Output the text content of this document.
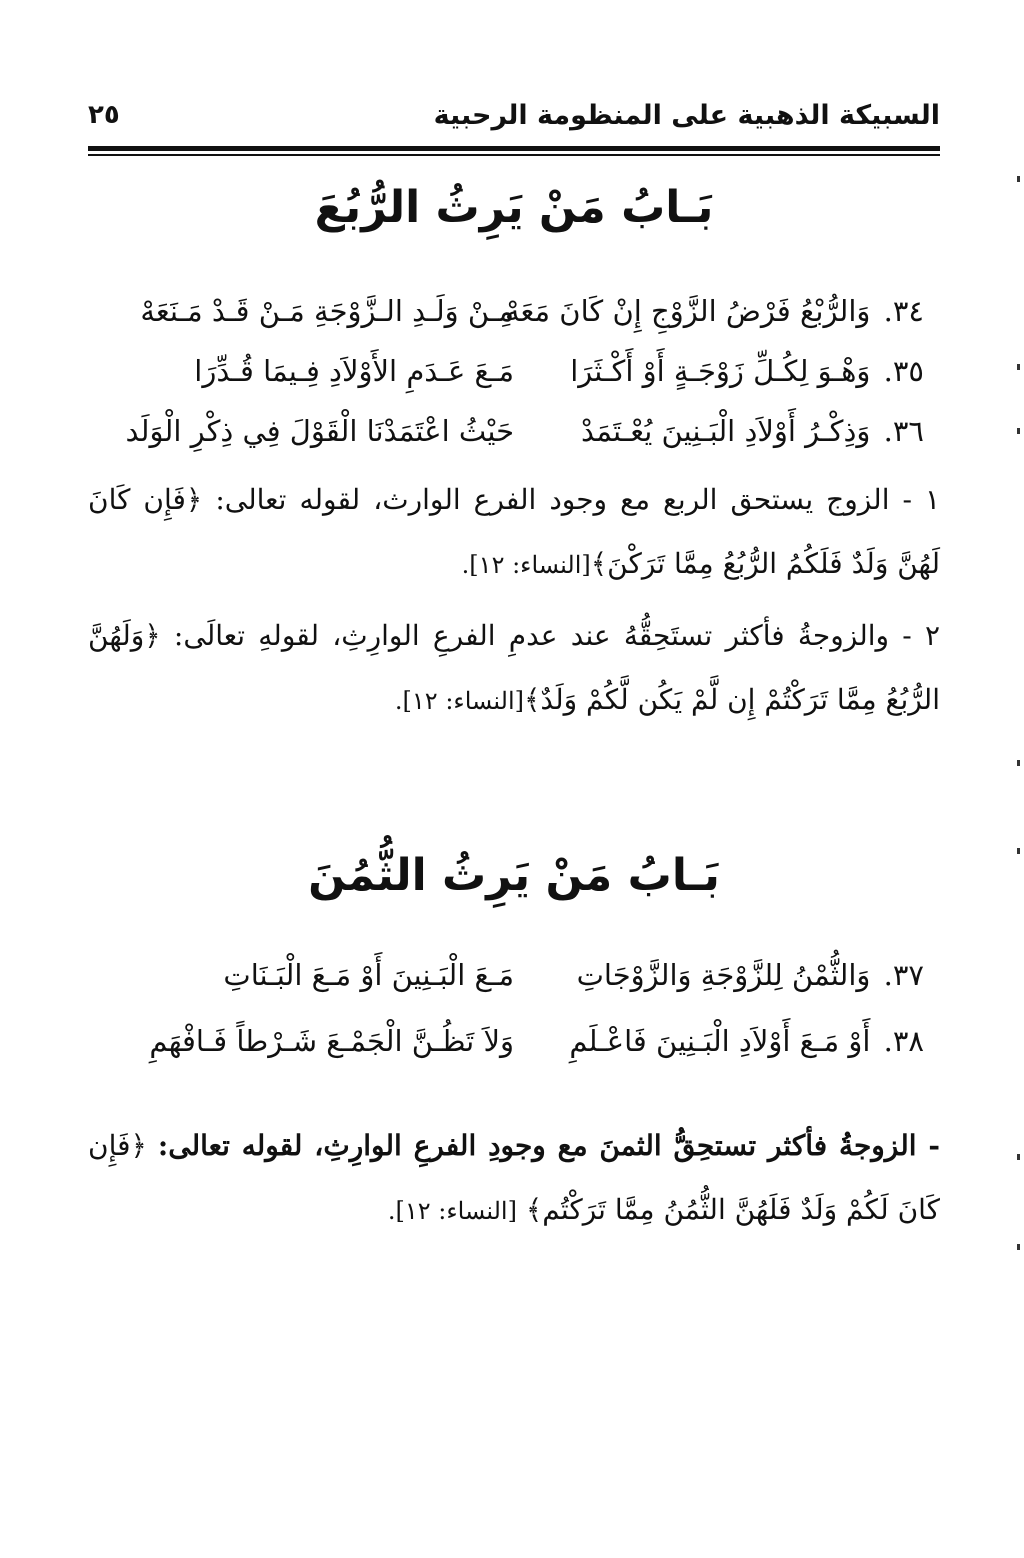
السبيكة الذهبية على المنظومة الرحبية
٢٥
بَـابُ مَنْ يَرِثُ الرُّبُعَ
٣٤. وَالرُّبْعُ فَرْضُ الزَّوْجِ إِنْ كَانَ مَعَهْ
مِـنْ وَلَـدِ الـزَّوْجَةِ مَـنْ قَـدْ مَـنَعَهْ
٣٥. وَهْـوَ لِكُـلِّ زَوْجَـةٍ أَوْ أَكْـثَرَا
مَـعَ عَـدَمِ الأَوْلاَدِ فِـيمَا قُـدِّرَا
٣٦. وَذِكْـرُ أَوْلاَدِ الْبَـنِينَ يُعْـتَمَدْ
حَيْثُ اعْتَمَدْنَا الْقَوْلَ فِي ذِكْرِ الْوَلَد
١ - الزوج يستحق الربع مع وجود الفرع الوارث، لقوله تعالى: ﴿فَإِن كَانَ لَهُنَّ وَلَدٌ فَلَكُمُ الرُّبُعُ مِمَّا تَرَكْنَ﴾[النساء: ١٢].
٢ - والزوجةُ فأكثر تستَحِقُّهُ عند عدمِ الفرعِ الوارِثِ، لقولهِ تعالَى: ﴿وَلَهُنَّ الرُّبُعُ مِمَّا تَرَكْتُمْ إِن لَّمْ يَكُن لَّكُمْ وَلَدٌ﴾[النساء: ١٢].
بَـابُ مَنْ يَرِثُ الثُّمُنَ
٣٧. وَالثُّمْنُ لِلزَّوْجَةِ وَالزَّوْجَاتِ
مَـعَ الْبَـنِينَ أَوْ مَـعَ الْبَـنَاتِ
٣٨. أَوْ مَـعَ أَوْلاَدِ الْبَـنِينَ فَاعْـلَمِ
وَلاَ تَظُـنَّ الْجَمْـعَ شَـرْطاً فَـافْهَمِ
- الزوجةُ فأكثر تستحِقُّ الثمنَ مع وجودِ الفرعِ الوارِثِ، لقوله تعالى: ﴿فَإِن كَانَ لَكُمْ وَلَدٌ فَلَهُنَّ الثُّمُنُ مِمَّا تَرَكْتُم﴾ [النساء: ١٢].
